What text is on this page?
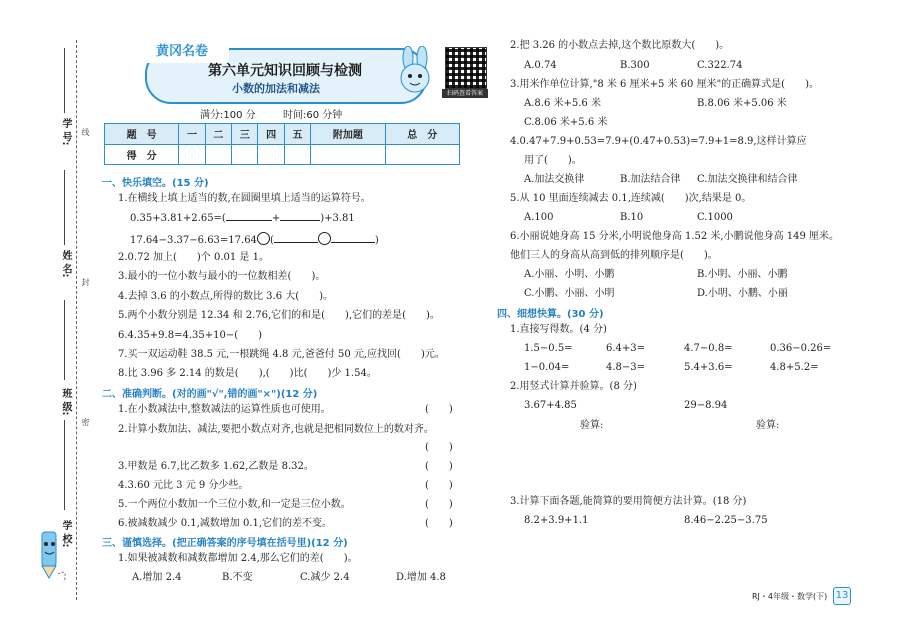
学 校:
班 级:
姓 名:
学 号: 线
封
密
黄冈名卷
第六单元知识回顾与检测
小数的加法和减法	扫码查看答案
满分:100 分	时间:60 分钟
题　号	一	二	三	四	五	附加题	总　分
得　分							
一、快乐填空。(15 分)
1.在横线上填上适当的数,在圆圈里填上适当的运算符号。
0.35+3.81+2.65=(	+	)+3.81
17.64−3.37−6.63=17.64 (	)
2.0.72 加上(　　)个 0.01 是 1。
3.最小的一位小数与最小的一位数相差(　　)。
4.去掉 3.6 的小数点,所得的数比 3.6 大(　　)。
5.两个小数分别是 12.34 和 2.76,它们的和是(　　),它们的差是(　　)。
6.4.35+9.8=4.35+10−(　　)
7.买一双运动鞋 38.5 元,一根跳绳 4.8 元,爸爸付 50 元,应找回(　　)元。
8.比 3.96 多 2.14 的数是(　　),(　　)比(　　)少 1.54。
二、准确判断。(对的画"√",错的画"×")(12 分)
1.在小数减法中,整数减法的运算性质也可使用。	(　　)
2.计算小数加法、减法,要把小数点对齐,也就是把相同数位上的数对齐。
(　　)
3.甲数是 6.7,比乙数多 1.62,乙数是 8.32。	(　　)
4.3.60 元比 3 元 9 分少些。	(　　)
5.一个两位小数加一个三位小数,和一定是三位小数。	(　　)
6.被减数减少 0.1,减数增加 0.1,它们的差不变。	(　　)
三、谨慎选择。(把正确答案的序号填在括号里)(12 分)
1.如果被减数和减数都增加 2.4,那么它们的差(　　)。
A.增加 2.4	B.不变	C.减少 2.4	D.增加 4.8
2.把 3.26 的小数点去掉,这个数比原数大(　　)。
A.0.74	B.300	C.322.74
3.用米作单位计算,"8 米 6 厘米+5 米 60 厘米"的正确算式是(　　)。
A.8.6 米+5.6 米	B.8.06 米+5.06 米
C.8.06 米+5.6 米
4.0.47+7.9+0.53=7.9+(0.47+0.53)=7.9+1=8.9,这样计算应
用了(　　)。
A.加法交换律	B.加法结合律 C.加法交换律和结合律
5.从 10 里面连续减去 0.1,连续减(　　)次,结果是 0。
A.100	B.10	C.1000
6.小丽说她身高 15 分米,小明说他身高 1.52 米,小鹏说他身高 149 厘米。
他们三人的身高从高到低的排列顺序是(　　)。
A.小丽、小明、小鹏	B.小明、小丽、小鹏
C.小鹏、小丽、小明	D.小明、小鹏、小丽
四、细想快算。(30 分)
1.直接写得数。(4 分)
1.5−0.5=	6.4+3=	4.7−0.8=	0.36−0.26=
1−0.04=	4.8−3=	5.4+3.6=	4.8+5.2=
2.用竖式计算并验算。(8 分)
3.67+4.85	29−8.94
验算:	验算:
3.计算下面各题,能简算的要用简便方法计算。(18 分)
8.2+3.9+1.1	8.46−2.25−3.75
RJ・4年级・数学(下) 13
